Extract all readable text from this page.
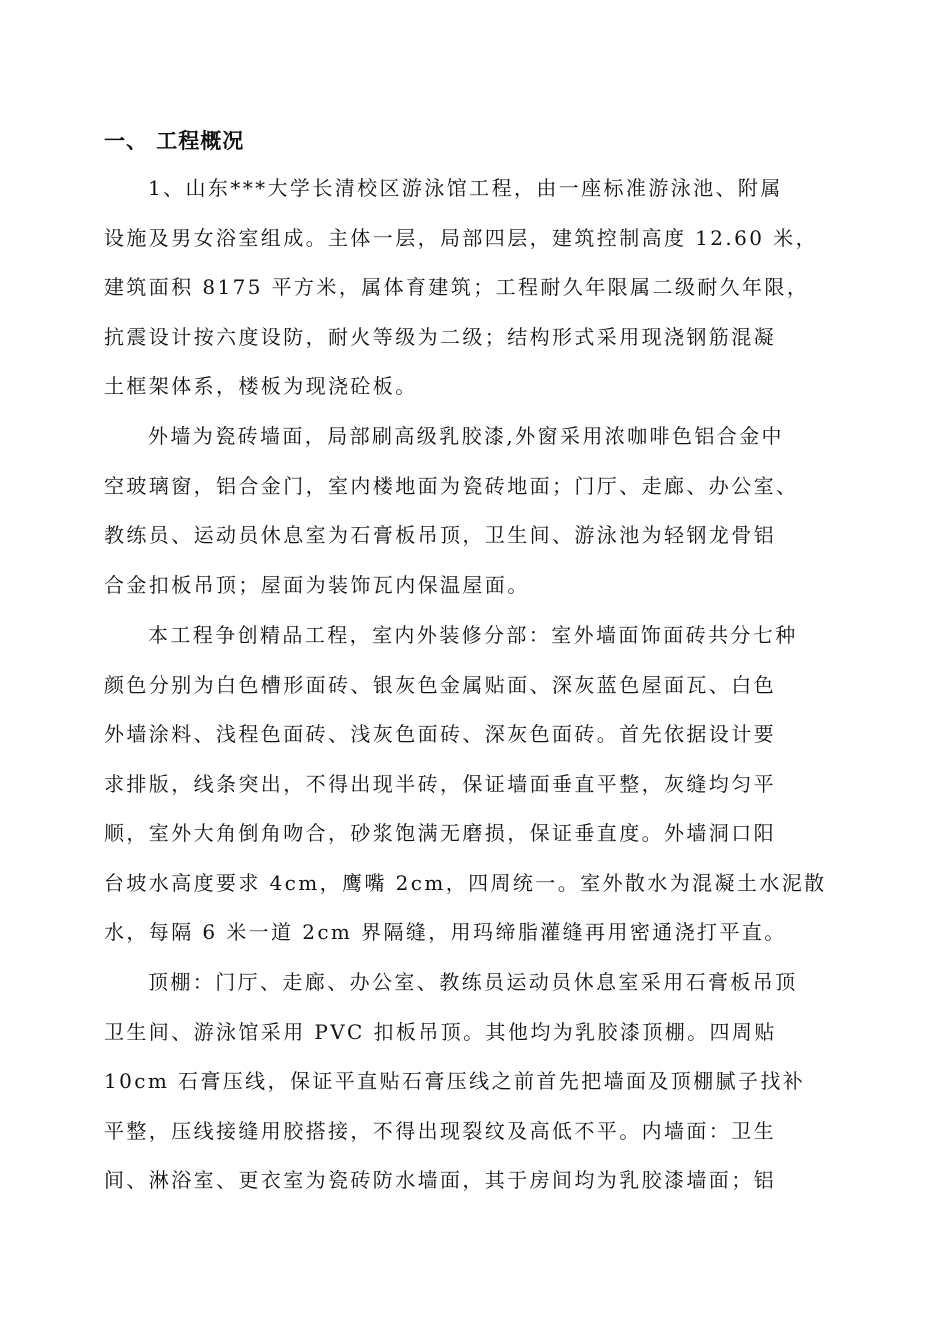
一、 工程概况
1、山东***大学长清校区游泳馆工程，由一座标准游泳池、附属
设施及男女浴室组成。主体一层，局部四层，建筑控制高度 12.60 米，
建筑面积 8175 平方米，属体育建筑；工程耐久年限属二级耐久年限，
抗震设计按六度设防，耐火等级为二级；结构形式采用现浇钢筋混凝
土框架体系，楼板为现浇砼板。
外墙为瓷砖墙面，局部刷高级乳胶漆,外窗采用浓咖啡色铝合金中
空玻璃窗，铝合金门，室内楼地面为瓷砖地面；门厅、走廊、办公室、
教练员、运动员休息室为石膏板吊顶，卫生间、游泳池为轻钢龙骨铝
合金扣板吊顶；屋面为装饰瓦内保温屋面。
本工程争创精品工程，室内外装修分部：室外墙面饰面砖共分七种
颜色分别为白色槽形面砖、银灰色金属贴面、深灰蓝色屋面瓦、白色
外墙涂料、浅程色面砖、浅灰色面砖、深灰色面砖。首先依据设计要
求排版，线条突出，不得出现半砖，保证墙面垂直平整，灰缝均匀平
顺，室外大角倒角吻合，砂浆饱满无磨损，保证垂直度。外墙洞口阳
台坡水高度要求 4cm，鹰嘴 2cm，四周统一。室外散水为混凝土水泥散
水，每隔 6 米一道 2cm 界隔缝，用玛缔脂灌缝再用密通浇打平直。
顶棚：门厅、走廊、办公室、教练员运动员休息室采用石膏板吊顶
卫生间、游泳馆采用 PVC 扣板吊顶。其他均为乳胶漆顶棚。四周贴
10cm 石膏压线，保证平直贴石膏压线之前首先把墙面及顶棚腻子找补
平整，压线接缝用胶搭接，不得出现裂纹及高低不平。内墙面：卫生
间、淋浴室、更衣室为瓷砖防水墙面，其于房间均为乳胶漆墙面；铝
